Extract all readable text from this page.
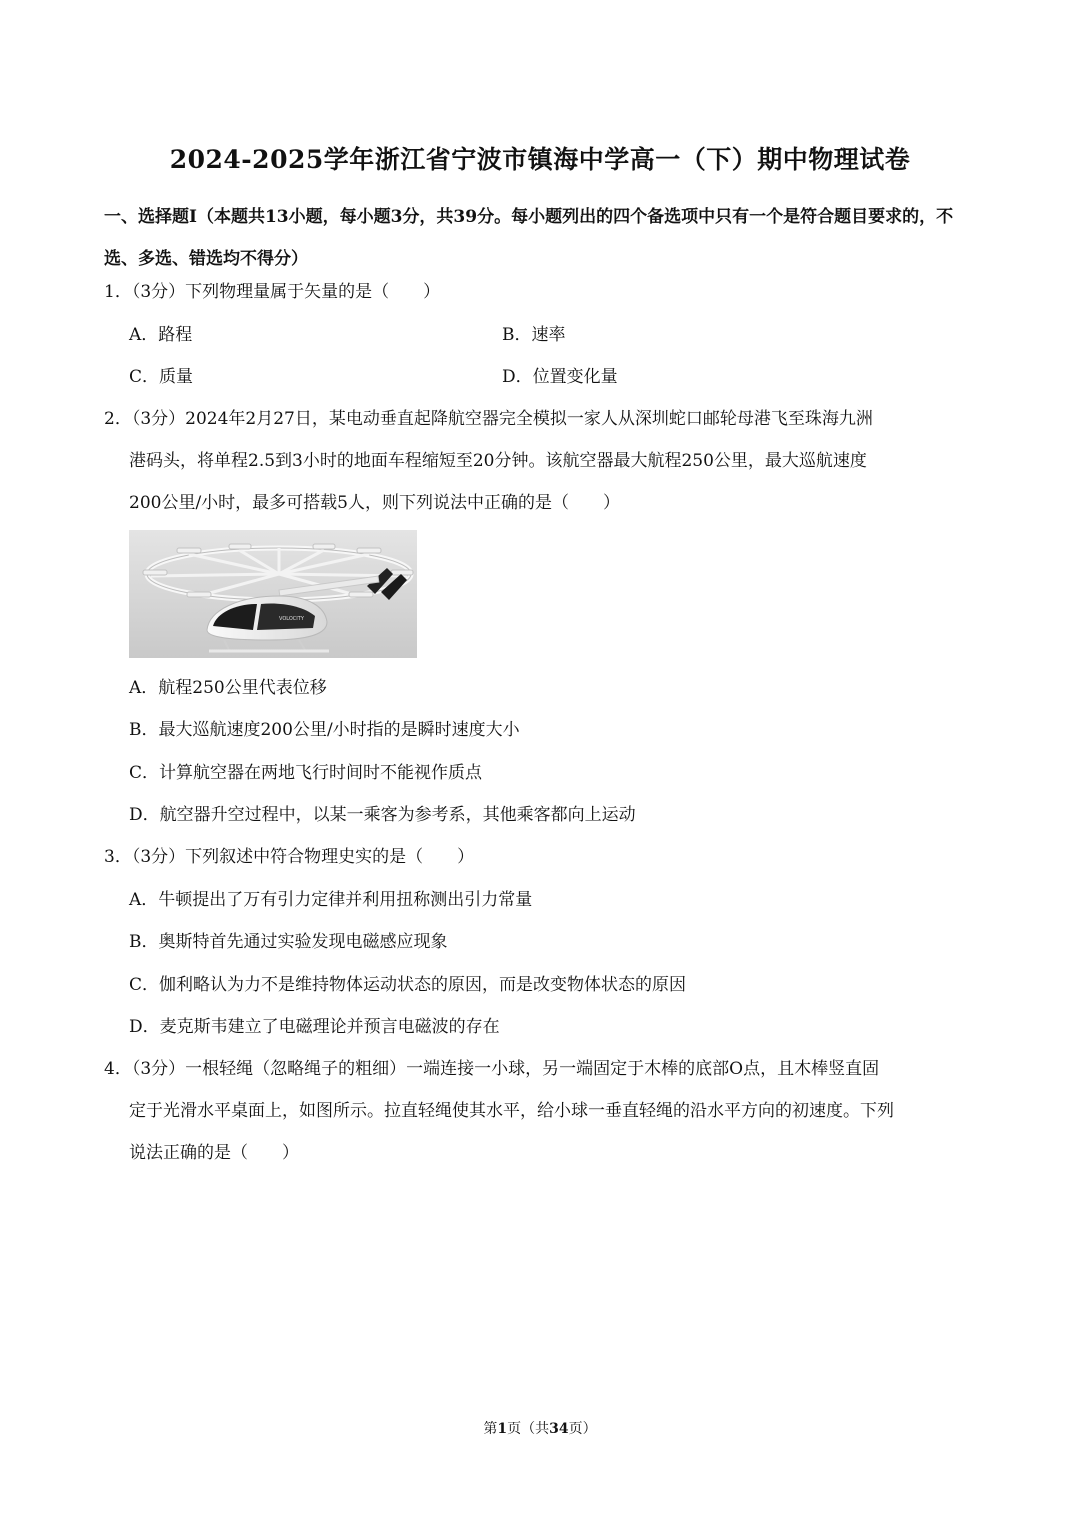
2024-2025学年浙江省宁波市镇海中学高一（下）期中物理试卷
一、选择题Ⅰ（本题共13小题，每小题3分，共39分。每小题列出的四个备选项中只有一个是符合题目要求的，不选、多选、错选均不得分）
1．（3分）下列物理量属于矢量的是（　　）
A．路程	B．速率
C．质量	D．位置变化量
2．（3分）2024年2月27日，某电动垂直起降航空器完全模拟一家人从深圳蛇口邮轮母港飞至珠海九洲
港码头，将单程2.5到3小时的地面车程缩短至20分钟。该航空器最大航程250公里，最大巡航速度
200公里/小时，最多可搭载5人，则下列说法中正确的是（　　）
VOLOCITY
A．航程250公里代表位移
B．最大巡航速度200公里/小时指的是瞬时速度大小
C．计算航空器在两地飞行时间时不能视作质点
D．航空器升空过程中，以某一乘客为参考系，其他乘客都向上运动
3．（3分）下列叙述中符合物理史实的是（　　）
A．牛顿提出了万有引力定律并利用扭称测出引力常量
B．奥斯特首先通过实验发现电磁感应现象
C．伽利略认为力不是维持物体运动状态的原因，而是改变物体状态的原因
D．麦克斯韦建立了电磁理论并预言电磁波的存在
4．（3分）一根轻绳（忽略绳子的粗细）一端连接一小球，另一端固定于木棒的底部O点，且木棒竖直固
定于光滑水平桌面上，如图所示。拉直轻绳使其水平，给小球一垂直轻绳的沿水平方向的初速度。下列
说法正确的是（　　）
第1页（共34页）
